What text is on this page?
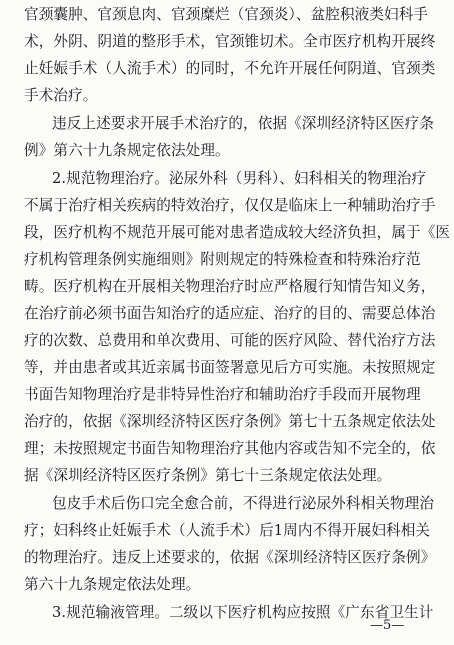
官颈囊肿、官颈息肉、官颈糜烂（官颈炎）、盆腔积液类妇科手
术，外阴、阴道的整形手术，官颈锥切术。全市医疗机构开展终
止妊娠手术（人流手术）的同时，不允许开展任何阴道、官颈类
手术治疗。
违反上述要求开展手术治疗的，依据《深圳经济特区医疗条
例》第六十九条规定依法处理。
2.规范物理治疗。泌尿外科（男科）、妇科相关的物理治疗
不属于治疗相关疾病的特效治疗，仅仅是临床上一种辅助治疗手
段，医疗机构不规范开展可能对患者造成较大经济负担，属于《医
疗机构管理条例实施细则》附则规定的特殊检查和特殊治疗范
畴。医疗机构在开展相关物理治疗时应严格履行知情告知义务，
在治疗前必须书面告知治疗的适应症、治疗的目的、需要总体治
疗的次数、总费用和单次费用、可能的医疗风险、替代治疗方法
等，并由患者或其近亲属书面签署意见后方可实施。未按照规定
书面告知物理治疗是非特异性治疗和辅助治疗手段而开展物理
治疗的，依据《深圳经济特区医疗条例》第七十五条规定依法处
理；未按照规定书面告知物理治疗其他内容或告知不完全的，依
据《深圳经济特区医疗条例》第七十三条规定依法处理。
包皮手术后伤口完全愈合前，不得进行泌尿外科相关物理治
疗；妇科终止妊娠手术（人流手术）后1周内不得开展妇科相关
的物理治疗。违反上述要求的，依据《深圳经济特区医疗条例》
第六十九条规定依法处理。
3.规范输液管理。二级以下医疗机构应按照《广东省卫生计
—5—
